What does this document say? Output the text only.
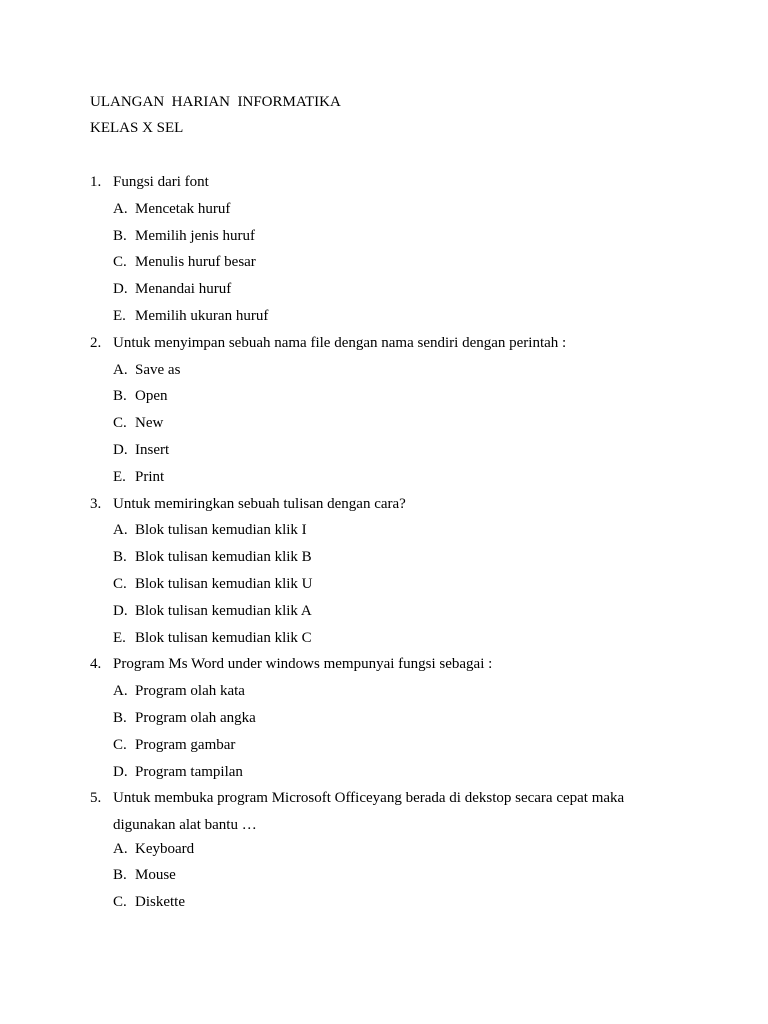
ULANGAN  HARIAN  INFORMATIKA
KELAS X SEL
1. Fungsi dari font
A. Mencetak huruf
B. Memilih jenis huruf
C. Menulis huruf besar
D. Menandai huruf
E. Memilih ukuran huruf
2. Untuk menyimpan sebuah nama file dengan nama sendiri dengan perintah :
A. Save as
B. Open
C. New
D. Insert
E. Print
3. Untuk memiringkan sebuah tulisan dengan cara?
A. Blok tulisan kemudian klik I
B. Blok tulisan kemudian klik B
C. Blok tulisan kemudian klik U
D. Blok tulisan kemudian klik A
E. Blok tulisan kemudian klik C
4. Program Ms Word under windows mempunyai fungsi sebagai :
A. Program olah kata
B. Program olah angka
C. Program gambar
D. Program tampilan
5. Untuk membuka program Microsoft Officeyang berada di dekstop secara cepat maka digunakan alat bantu …
A. Keyboard
B. Mouse
C. Diskette
